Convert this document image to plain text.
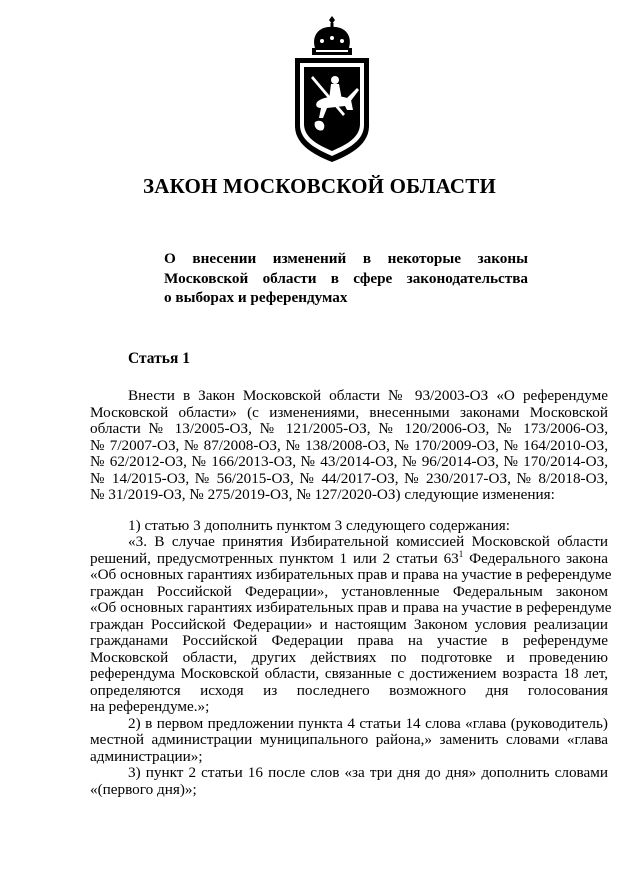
ЗАКОН МОСКОВСКОЙ ОБЛАСТИ
О внесении изменений в некоторые законы
Московской области в сфере законодательства
о выборах и референдумах
Статья 1
Внести в Закон Московской области № 93/2003-ОЗ «О референдуме
Московской области» (с изменениями, внесенными законами Московской
области № 13/2005-ОЗ, № 121/2005-ОЗ, № 120/2006-ОЗ, № 173/2006-ОЗ,
№ 7/2007-ОЗ, № 87/2008-ОЗ, № 138/2008-ОЗ, № 170/2009-ОЗ, № 164/2010-ОЗ,
№ 62/2012-ОЗ, № 166/2013-ОЗ, № 43/2014-ОЗ, № 96/2014-ОЗ, № 170/2014-ОЗ,
№ 14/2015-ОЗ, № 56/2015-ОЗ, № 44/2017-ОЗ, № 230/2017-ОЗ, № 8/2018-ОЗ,
№ 31/2019-ОЗ, № 275/2019-ОЗ, № 127/2020-ОЗ) следующие изменения:
1) статью 3 дополнить пунктом 3 следующего содержания:
«3. В случае принятия Избирательной комиссией Московской области
решений, предусмотренных пунктом 1 или 2 статьи $63^1$ Федерального закона
«Об основных гарантиях избирательных прав и права на участие в референдуме
граждан Российской Федерации», установленные Федеральным законом
«Об основных гарантиях избирательных прав и права на участие в референдуме
граждан Российской Федерации» и настоящим Законом условия реализации
гражданами Российской Федерации права на участие в референдуме
Московской области, других действиях по подготовке и проведению
референдума Московской области, связанные с достижением возраста 18 лет,
определяются исходя из последнего возможного дня голосования
на референдуме.»;
2) в первом предложении пункта 4 статьи 14 слова «глава (руководитель)
местной администрации муниципального района,» заменить словами «глава
администрации»;
3) пункт 2 статьи 16 после слов «за три дня до дня» дополнить словами
«(первого дня)»;
